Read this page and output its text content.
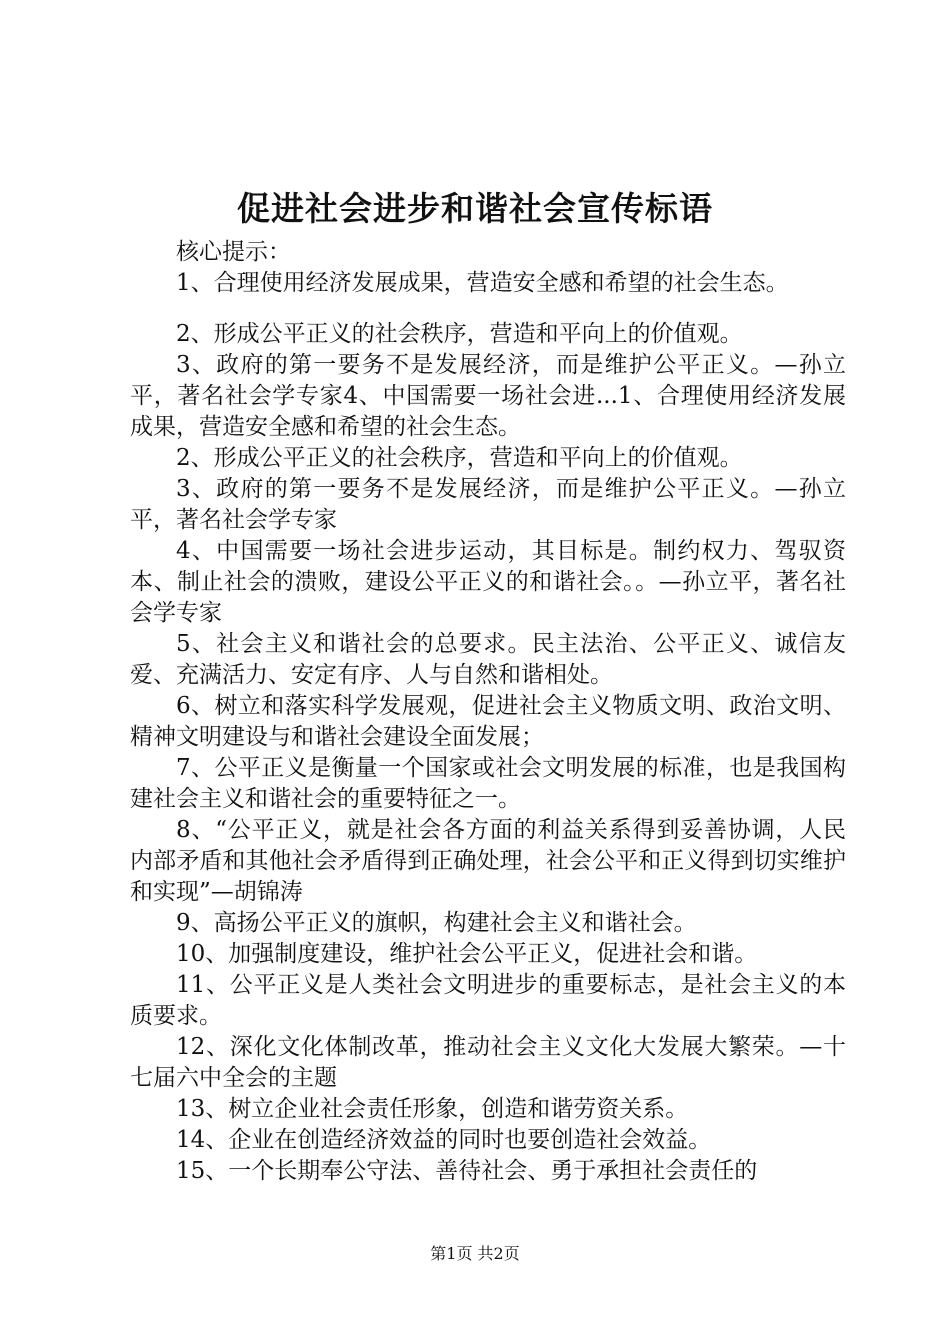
促进社会进步和谐社会宣传标语

核心提示：

1、合理使用经济发展成果，营造安全感和希望的社会生态。

2、形成公平正义的社会秩序，营造和平向上的价值观。

3、政府的第一要务不是发展经济，而是维护公平正义。—孙立平，著名社会学专家4、中国需要一场社会进...1、合理使用经济发展成果，营造安全感和希望的社会生态。

2、形成公平正义的社会秩序，营造和平向上的价值观。

3、政府的第一要务不是发展经济，而是维护公平正义。—孙立平，著名社会学专家

4、中国需要一场社会进步运动，其目标是。制约权力、驾驭资本、制止社会的溃败，建设公平正义的和谐社会。。—孙立平，著名社会学专家

5、社会主义和谐社会的总要求。民主法治、公平正义、诚信友爱、充满活力、安定有序、人与自然和谐相处。

6、树立和落实科学发展观，促进社会主义物质文明、政治文明、精神文明建设与和谐社会建设全面发展；

7、公平正义是衡量一个国家或社会文明发展的标准，也是我国构建社会主义和谐社会的重要特征之一。

8、“公平正义，就是社会各方面的利益关系得到妥善协调，人民内部矛盾和其他社会矛盾得到正确处理，社会公平和正义得到切实维护和实现”—胡锦涛

9、高扬公平正义的旗帜，构建社会主义和谐社会。

10、加强制度建设，维护社会公平正义，促进社会和谐。

11、公平正义是人类社会文明进步的重要标志，是社会主义的本质要求。

12、深化文化体制改革，推动社会主义文化大发展大繁荣。—十七届六中全会的主题

13、树立企业社会责任形象，创造和谐劳资关系。

14、企业在创造经济效益的同时也要创造社会效益。

15、一个长期奉公守法、善待社会、勇于承担社会责任的

第1页 共2页
